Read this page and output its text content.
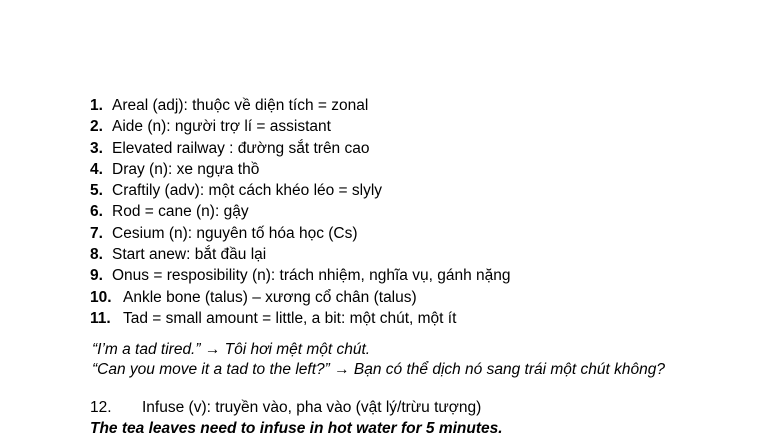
1. Areal (adj): thuộc về diện tích = zonal
2. Aide (n): người trợ lí = assistant
3. Elevated railway : đường sắt trên cao
4. Dray (n): xe ngựa thồ
5. Craftily (adv): một cách khéo léo = slyly
6. Rod = cane (n): gậy
7. Cesium (n): nguyên tố hóa học (Cs)
8. Start anew: bắt đầu lại
9. Onus = resposibility (n): trách nhiệm, nghĩa vụ, gánh nặng
10. Ankle bone (talus) – xương cổ chân (talus)
11. Tad = small amount = little, a bit: một chút, một ít
“I’m a tad tired.” → Tôi hơi mệt một chút.
“Can you move it a tad to the left?” → Bạn có thể dịch nó sang trái một chút không?
12. Infuse (v): truyền vào, pha vào (vật lý/trừu tượng)
The tea leaves need to infuse in hot water for 5 minutes.
